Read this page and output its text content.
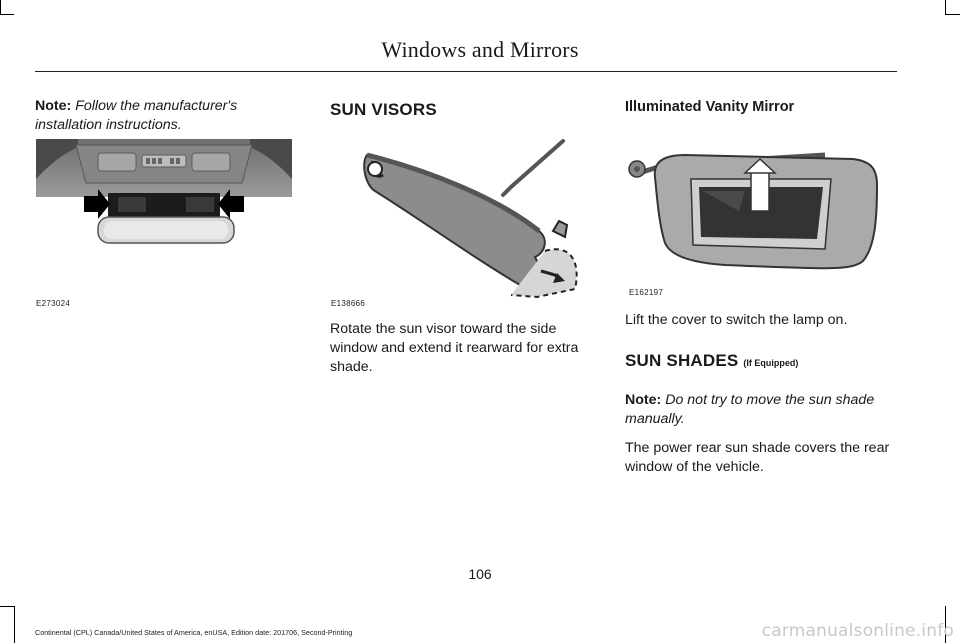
Windows and Mirrors

Note: Follow the manufacturer's installation instructions.

E273024

SUN VISORS

E138666

Rotate the sun visor toward the side window and extend it rearward for extra shade.

Illuminated Vanity Mirror

E162197

Lift the cover to switch the lamp on.

SUN SHADES (If Equipped)

Note: Do not try to move the sun shade manually.

The power rear sun shade covers the rear window of the vehicle.

106
Continental (CPL) Canada/United States of America, enUSA, Edition date: 201706, Second-Printing	carmanualsonline.info
